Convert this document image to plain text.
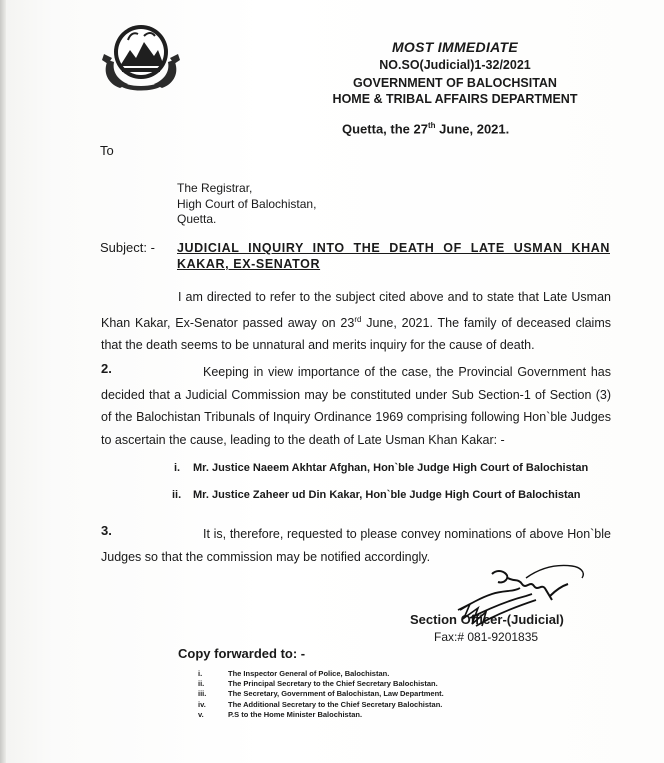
MOST IMMEDIATE
NO.SO(Judicial)1-32/2021
GOVERNMENT OF BALOCHSITAN
HOME & TRIBAL AFFAIRS DEPARTMENT
Quetta, the 27th June, 2021.
To
The Registrar,
High Court of Balochistan,
Quetta.
Subject: - JUDICIAL INQUIRY INTO THE DEATH OF LATE USMAN KHAN KAKAR, EX-SENATOR
I am directed to refer to the subject cited above and to state that Late Usman Khan Kakar, Ex-Senator passed away on 23rd June, 2021. The family of deceased claims that the death seems to be unnatural and merits inquiry for the cause of death.
2.	Keeping in view importance of the case, the Provincial Government has decided that a Judicial Commission may be constituted under Sub Section-1 of Section (3) of the Balochistan Tribunals of Inquiry Ordinance 1969 comprising following Hon`ble Judges to ascertain the cause, leading to the death of Late Usman Khan Kakar: -
i. Mr. Justice Naeem Akhtar Afghan, Hon`ble Judge High Court of Balochistan
ii. Mr. Justice Zaheer ud Din Kakar, Hon`ble Judge High Court of Balochistan
3.	It is, therefore, requested to please convey nominations of above Hon`ble Judges so that the commission may be notified accordingly.
Section Officer-(Judicial)
Fax:# 081-9201835
Copy forwarded to: -
i.	The Inspector General of Police, Balochistan.
ii.	The Principal Secretary to the Chief Secretary Balochistan.
iii.	The Secretary, Government of Balochistan, Law Department.
iv.	The Additional Secretary to the Chief Secretary Balochistan.
v.	P.S to the Home Minister Balochistan.
